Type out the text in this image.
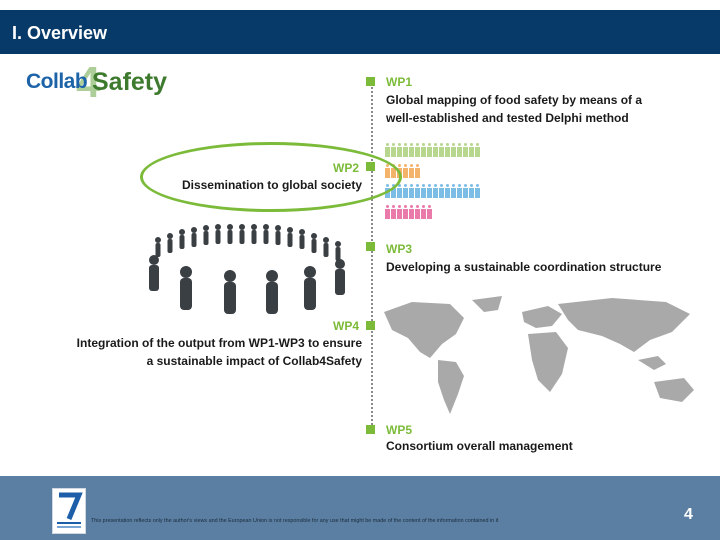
I. Overview
4
Collab Safety	WP1
Global mapping of food safety by means of a
well-established and tested Delphi method
WP2
Dissemination to global society
WP3
Developing a sustainable coordination structure
WP4
Integration of the output from WP1-WP3 to ensure
a sustainable impact of Collab4Safety
WP5
Consortium overall management
This presentation reflects only the author's views and the European Union is not responsible for any use that might be made of the content of the information contained in it	4
